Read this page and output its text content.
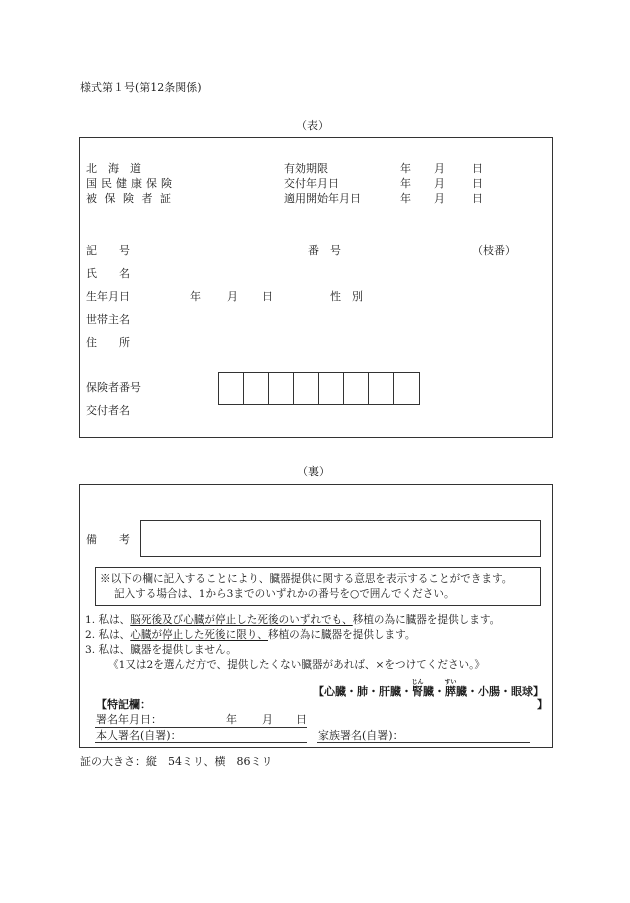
様式第１号(第12条関係)
（表）
北　海　道
国民健康保険
被 保 険 者 証
有効期限	年 月 日
交付年月日	年 月 日
適用開始年月日	年 月 日
記　　号	番　号	（枝番）
氏　　名
生年月日	年 月 日	性　別
世帯主名
住　　所
保険者番号
交付者名
（裏）
備　　考
※以下の欄に記入することにより、臓器提供に関する意思を表示することができます。
記入する場合は、1から3までのいずれかの番号を○で囲んでください。
1. 私は、脳死後及び心臓が停止した死後のいずれでも、移植の為に臓器を提供します。
2. 私は、心臓が停止した死後に限り、移植の為に臓器を提供します。
3. 私は、臓器を提供しません。
《1又は2を選んだ方で、提供したくない臓器があれば、×をつけてください。》
【心臓・肺・肝臓・腎じん臓・膵すい臓・小腸・眼球】
【特記欄：	】
署名年月日：	年 月 日
本人署名(自署)：	家族署名(自署)：
証の大きさ：縦　54ミリ、横　86ミリ
